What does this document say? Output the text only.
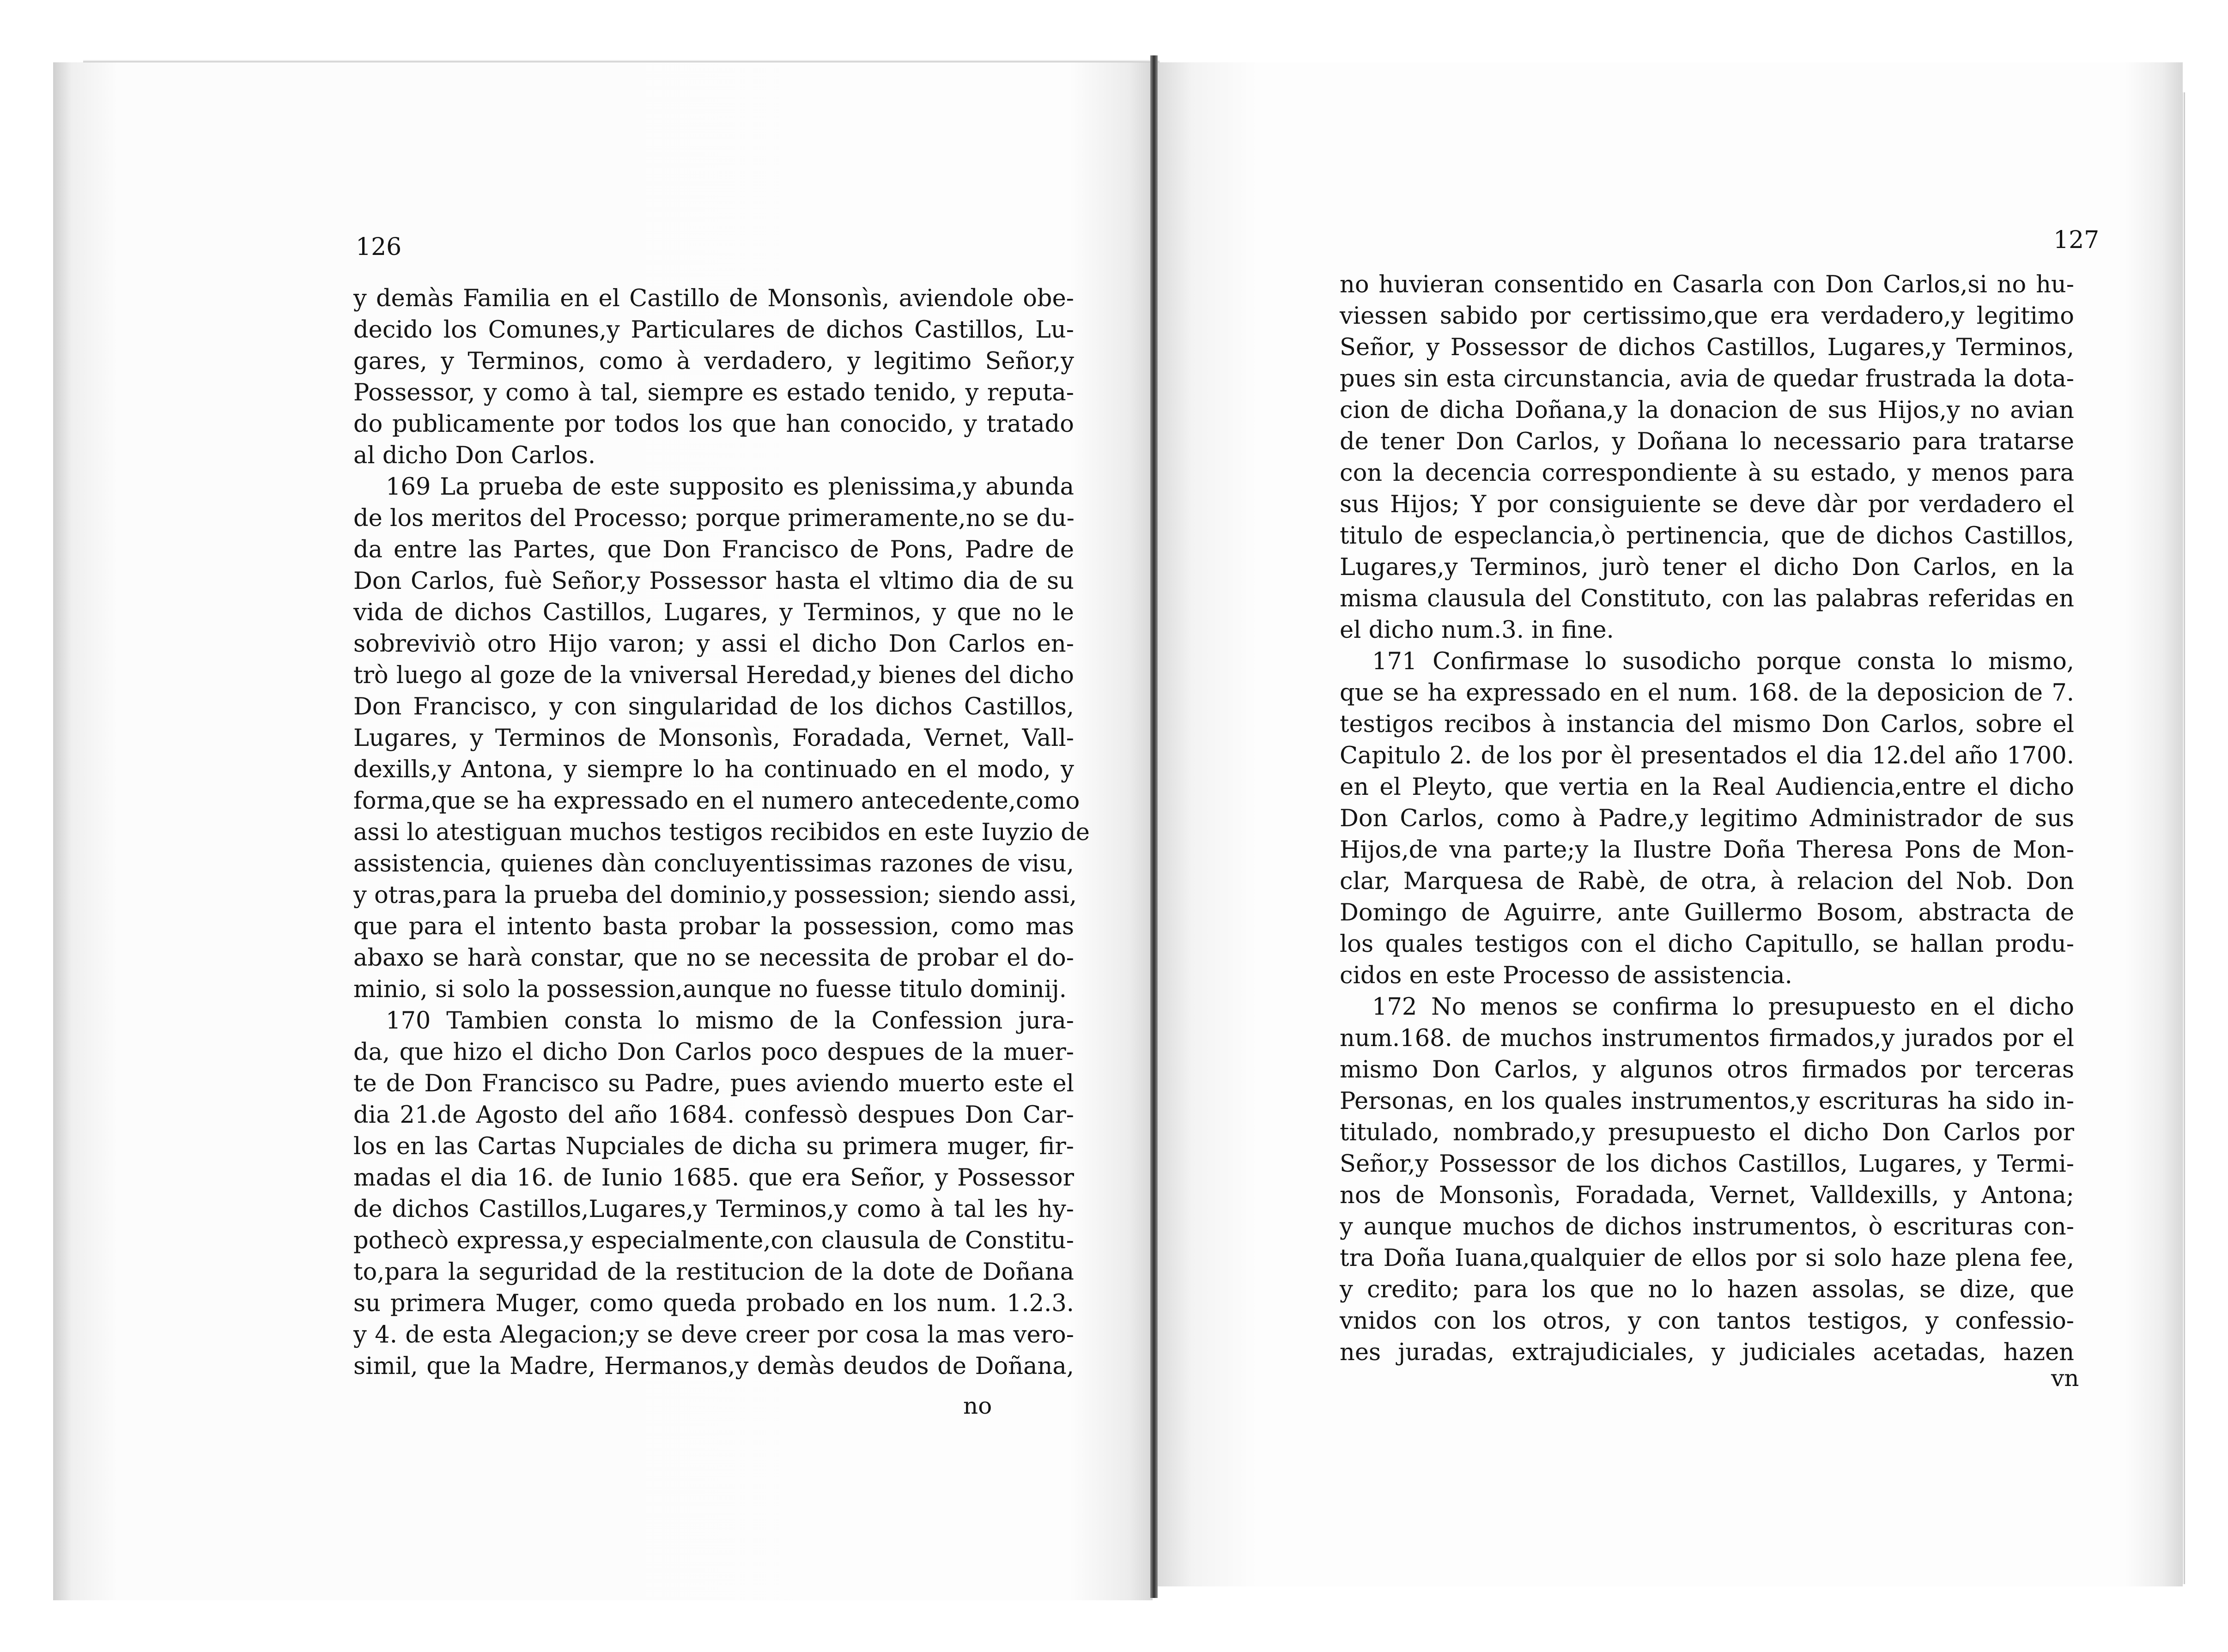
126
y demàs Familia en el Castillo de Monsonìs, aviendole obe-
decido los Comunes,y Particulares de dichos Castillos, Lu-
gares, y Terminos, como à verdadero, y legitimo Señor,y
Possessor, y como à tal, siempre es estado tenido, y reputa-
do publicamente por todos los que han conocido, y tratado
al dicho Don Carlos.
169 La prueba de este supposito es plenissima,y abunda
de los meritos del Processo; porque primeramente,no se du-
da entre las Partes, que Don Francisco de Pons, Padre de
Don Carlos, fuè Señor,y Possessor hasta el vltimo dia de su
vida de dichos Castillos, Lugares, y Terminos, y que no le
sobreviviò otro Hijo varon; y assi el dicho Don Carlos en-
trò luego al goze de la vniversal Heredad,y bienes del dicho
Don Francisco, y con singularidad de los dichos Castillos,
Lugares, y Terminos de Monsonìs, Foradada, Vernet, Vall-
dexills,y Antona, y siempre lo ha continuado en el modo, y
forma,que se ha expressado en el numero antecedente,como
assi lo atestiguan muchos testigos recibidos en este Iuyzio de
assistencia, quienes dàn concluyentissimas razones de visu,
y otras,para la prueba del dominio,y possession; siendo assi,
que para el intento basta probar la possession, como mas
abaxo se harà constar, que no se necessita de probar el do-
minio, si solo la possession,aunque no fuesse titulo dominij.
170 Tambien consta lo mismo de la Confession jura-
da, que hizo el dicho Don Carlos poco despues de la muer-
te de Don Francisco su Padre, pues aviendo muerto este el
dia 21.de Agosto del año 1684. confessò despues Don Car-
los en las Cartas Nupciales de dicha su primera muger, fir-
madas el dia 16. de Iunio 1685. que era Señor, y Possessor
de dichos Castillos,Lugares,y Terminos,y como à tal les hy-
pothecò expressa,y especialmente,con clausula de Constitu-
to,para la seguridad de la restitucion de la dote de Doñana
su primera Muger, como queda probado en los num. 1.2.3.
y 4. de esta Alegacion;y se deve creer por cosa la mas vero-
simil, que la Madre, Hermanos,y demàs deudos de Doñana,
no
127
no huvieran consentido en Casarla con Don Carlos,si no hu-
viessen sabido por certissimo,que era verdadero,y legitimo
Señor, y Possessor de dichos Castillos, Lugares,y Terminos,
pues sin esta circunstancia, avia de quedar frustrada la dota-
cion de dicha Doñana,y la donacion de sus Hijos,y no avian
de tener Don Carlos, y Doñana lo necessario para tratarse
con la decencia correspondiente à su estado, y menos para
sus Hijos; Y por consiguiente se deve dàr por verdadero el
titulo de especlancia,ò pertinencia, que de dichos Castillos,
Lugares,y Terminos, jurò tener el dicho Don Carlos, en la
misma clausula del Constituto, con las palabras referidas en
el dicho num.3. in fine.
171 Confirmase lo susodicho porque consta lo mismo,
que se ha expressado en el num. 168. de la deposicion de 7.
testigos recibos à instancia del mismo Don Carlos, sobre el
Capitulo 2. de los por èl presentados el dia 12.del año 1700.
en el Pleyto, que vertia en la Real Audiencia,entre el dicho
Don Carlos, como à Padre,y legitimo Administrador de sus
Hijos,de vna parte;y la Ilustre Doña Theresa Pons de Mon-
clar, Marquesa de Rabè, de otra, à relacion del Nob. Don
Domingo de Aguirre, ante Guillermo Bosom, abstracta de
los quales testigos con el dicho Capitullo, se hallan produ-
cidos en este Processo de assistencia.
172 No menos se confirma lo presupuesto en el dicho
num.168. de muchos instrumentos firmados,y jurados por el
mismo Don Carlos, y algunos otros firmados por terceras
Personas, en los quales instrumentos,y escrituras ha sido in-
titulado, nombrado,y presupuesto el dicho Don Carlos por
Señor,y Possessor de los dichos Castillos, Lugares, y Termi-
nos de Monsonìs, Foradada, Vernet, Valldexills, y Antona;
y aunque muchos de dichos instrumentos, ò escrituras con-
tra Doña Iuana,qualquier de ellos por si solo haze plena fee,
y credito; para los que no lo hazen assolas, se dize, que
vnidos con los otros, y con tantos testigos, y confessio-
nes juradas, extrajudiciales, y judiciales acetadas, hazen
vn
